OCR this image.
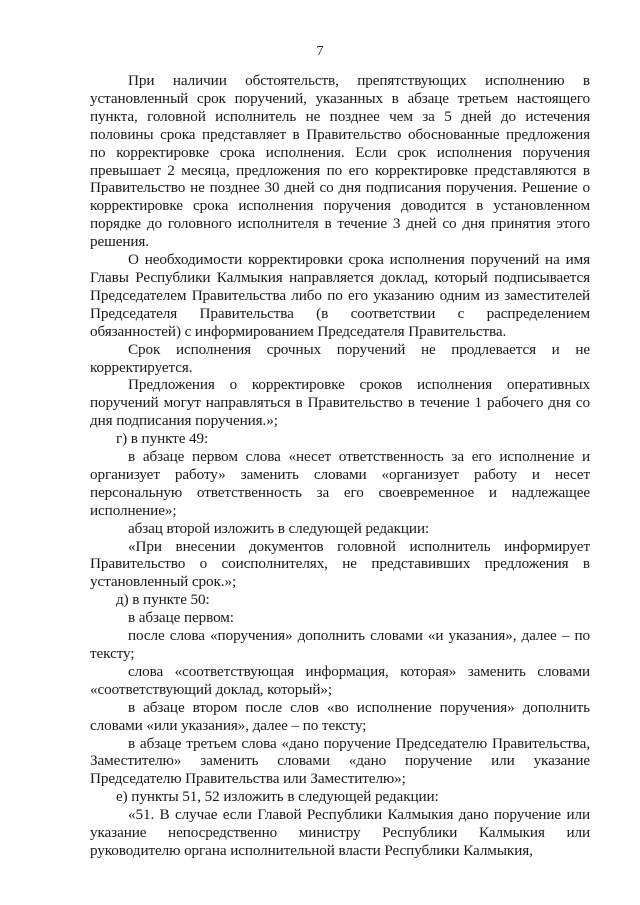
7

При наличии обстоятельств, препятствующих исполнению в установленный срок поручений, указанных в абзаце третьем настоящего пункта, головной исполнитель не позднее чем за 5 дней до истечения половины срока представляет в Правительство обоснованные предложения по корректировке срока исполнения. Если срок исполнения поручения превышает 2 месяца, предложения по его корректировке представляются в Правительство не позднее 30 дней со дня подписания поручения. Решение о корректировке срока исполнения поручения доводится в установленном порядке до головного исполнителя в течение 3 дней со дня принятия этого решения.

О необходимости корректировки срока исполнения поручений на имя Главы Республики Калмыкия направляется доклад, который подписывается Председателем Правительства либо по его указанию одним из заместителей Председателя Правительства (в соответствии с распределением обязанностей) с информированием Председателя Правительства.

Срок исполнения срочных поручений не продлевается и не корректируется.

Предложения о корректировке сроков исполнения оперативных поручений могут направляться в Правительство в течение 1 рабочего дня со дня подписания поручения.»;

г) в пункте 49:

в абзаце первом слова «несет ответственность за его исполнение и организует работу» заменить словами «организует работу и несет персональную ответственность за его своевременное и надлежащее исполнение»;

абзац второй изложить в следующей редакции:

«При внесении документов головной исполнитель информирует Правительство о соисполнителях, не представивших предложения в установленный срок.»;

д) в пункте 50:

в абзаце первом:

после слова «поручения» дополнить словами «и указания», далее – по тексту;

слова «соответствующая информация, которая» заменить словами «соответствующий доклад, который»;

в абзаце втором после слов «во исполнение поручения» дополнить словами «или указания», далее – по тексту;

в абзаце третьем слова «дано поручение Председателю Правительства, Заместителю» заменить словами «дано поручение или указание Председателю Правительства или Заместителю»;

е) пункты 51, 52 изложить в следующей редакции:

«51. В случае если Главой Республики Калмыкия дано поручение или указание непосредственно министру Республики Калмыкия или руководителю органа исполнительной власти Республики Калмыкия,
